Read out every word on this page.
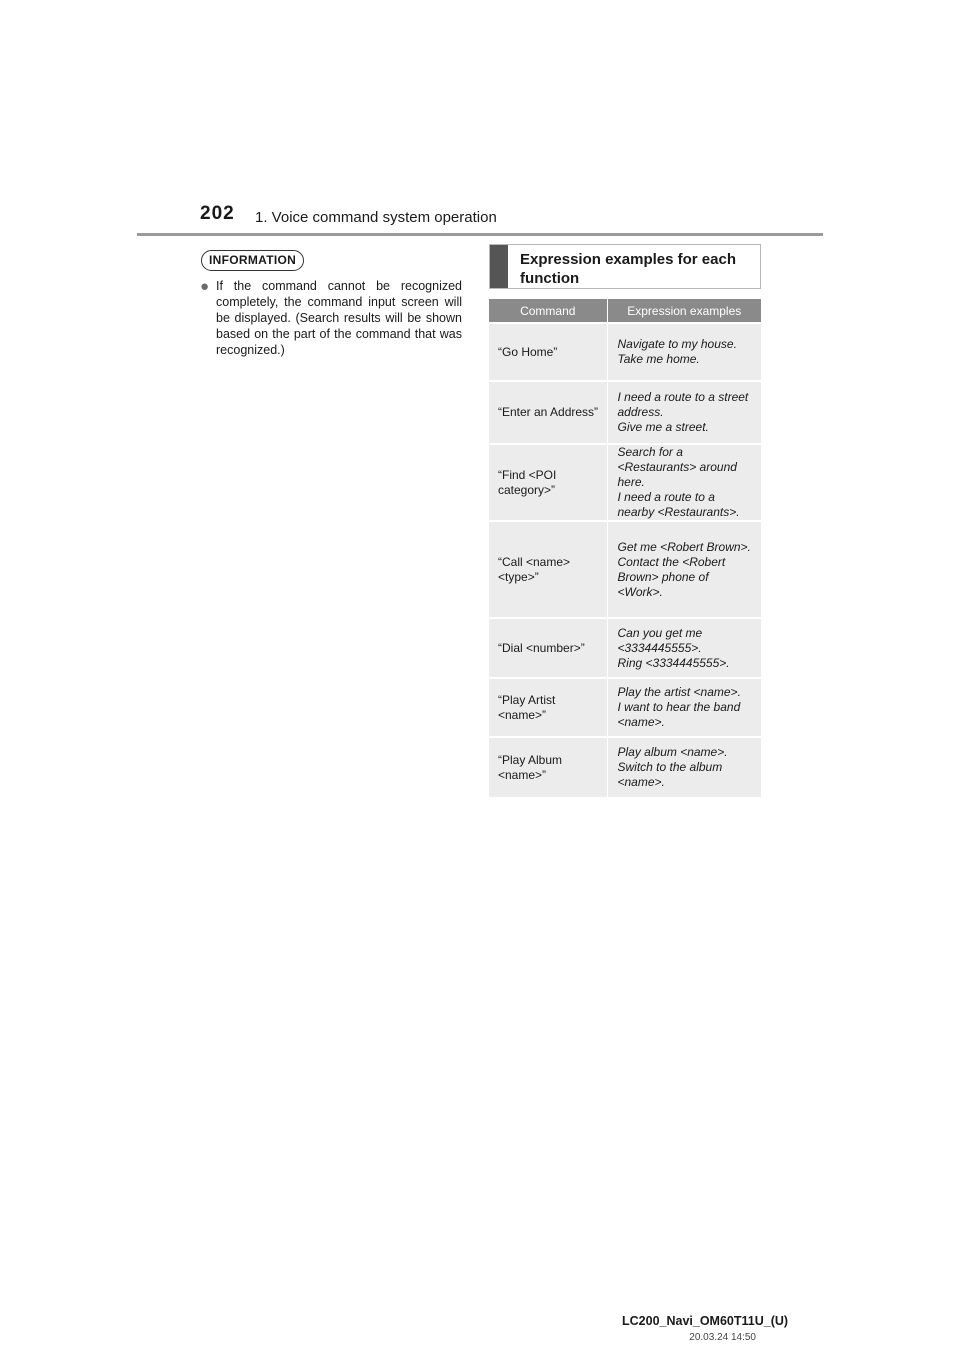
202 1. Voice command system operation
INFORMATION
● If the command cannot be recognized completely, the command input screen will be displayed. (Search results will be shown based on the part of the command that was recognized.)

Expression examples for each function
Command	Expression examples
“Go Home”	Navigate to my house.
Take me home.

“Enter an Address”	I need a route to a street address.
Give me a street.

“Find <POI category>”	Search for a <Restaurants> around here.
I need a route to a nearby <Restaurants>.

“Call <name> <type>”	Get me <Robert Brown>.
Contact the <Robert Brown> phone of <Work>.

“Dial <number>”	Can you get me <3334445555>.
Ring <3334445555>.

“Play Artist <name>”	Play the artist <name>.
I want to hear the band <name>.

“Play Album <name>”	Play album <name>.
Switch to the album <name>.
LC200_Navi_OM60T11U_(U)
20.03.24 14:50
